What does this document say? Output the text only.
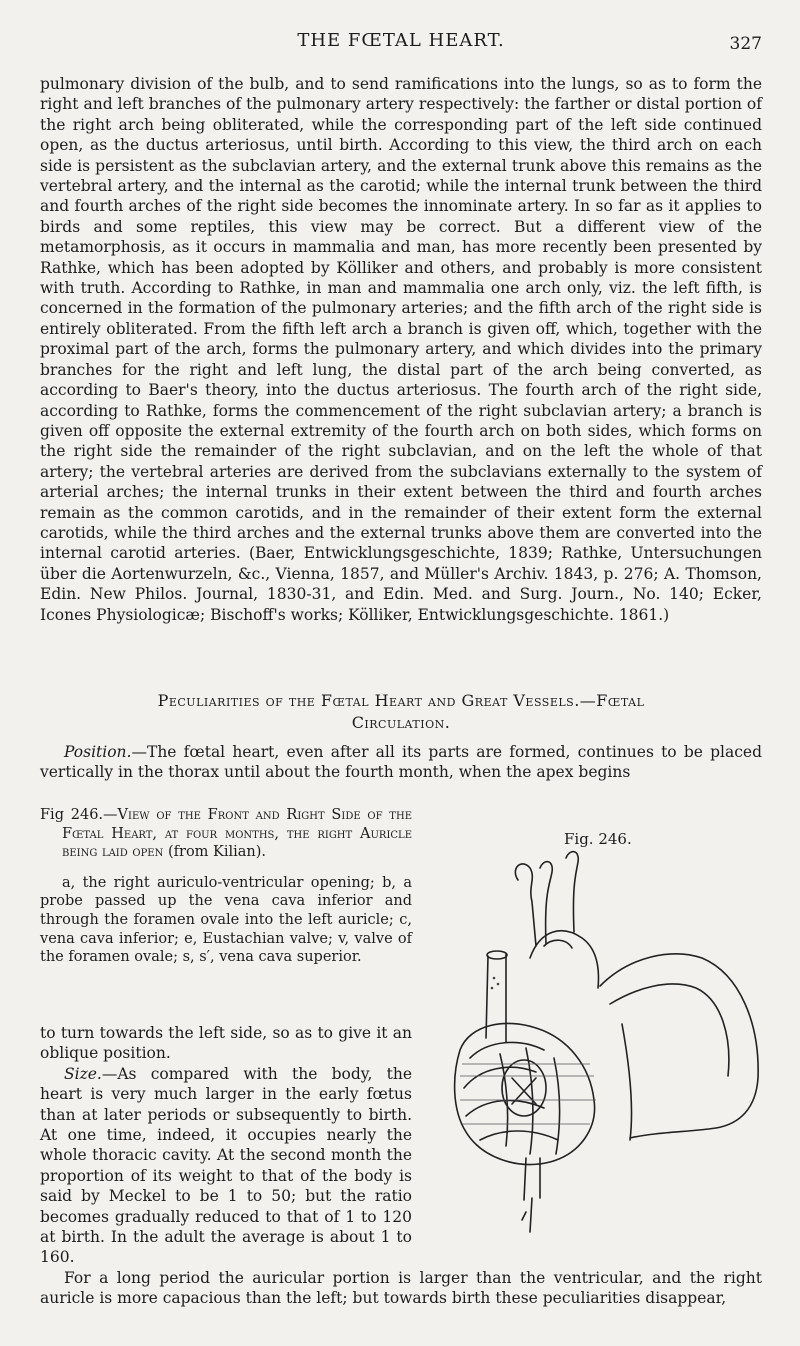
THE FŒTAL HEART.	327
pulmonary division of the bulb, and to send ramifications into the lungs, so as to form the right and left branches of the pulmonary artery respectively: the farther or distal portion of the right arch being obliterated, while the corresponding part of the left side continued open, as the ductus arteriosus, until birth. According to this view, the third arch on each side is persistent as the subclavian artery, and the external trunk above this remains as the vertebral artery, and the internal as the carotid; while the internal trunk between the third and fourth arches of the right side becomes the innominate artery. In so far as it applies to birds and some reptiles, this view may be correct. But a different view of the metamorphosis, as it occurs in mammalia and man, has more recently been presented by Rathke, which has been adopted by Kölliker and others, and probably is more consistent with truth. According to Rathke, in man and mammalia one arch only, viz. the left fifth, is concerned in the formation of the pulmonary arteries; and the fifth arch of the right side is entirely obliterated. From the fifth left arch a branch is given off, which, together with the proximal part of the arch, forms the pulmonary artery, and which divides into the primary branches for the right and left lung, the distal part of the arch being converted, as according to Baer's theory, into the ductus arteriosus. The fourth arch of the right side, according to Rathke, forms the commencement of the right subclavian artery; a branch is given off opposite the external extremity of the fourth arch on both sides, which forms on the right side the remainder of the right subclavian, and on the left the whole of that artery; the vertebral arteries are derived from the subclavians externally to the system of arterial arches; the internal trunks in their extent between the third and fourth arches remain as the common carotids, and in the remainder of their extent form the external carotids, while the third arches and the external trunks above them are converted into the internal carotid arteries. (Baer, Entwicklungsgeschichte, 1839; Rathke, Untersuchungen über die Aortenwurzeln, &c., Vienna, 1857, and Müller's Archiv. 1843, p. 276; A. Thomson, Edin. New Philos. Journal, 1830-31, and Edin. Med. and Surg. Journ., No. 140; Ecker, Icones Physiologicæ; Bischoff's works; Kölliker, Entwicklungsgeschichte. 1861.)
Peculiarities of the Fœtal Heart and Great Vessels.—Fœtal
Circulation.
Position.—The fœtal heart, even after all its parts are formed, continues to be placed vertically in the thorax until about the fourth month, when the apex begins
Fig 246.—View of the Front and Right Side of the Fœtal Heart, at four months, the right Auricle being laid open (from Kilian).
a, the right auriculo-ventricular opening; b, a probe passed up the vena cava inferior and through the foramen ovale into the left auricle; c, vena cava inferior; e, Eustachian valve; v, valve of the foramen ovale; s, s′, vena cava superior.
Fig. 246.
to turn towards the left side, so as to give it an oblique position.
Size.—As compared with the body, the heart is very much larger in the early fœtus than at later periods or subsequently to birth. At one time, indeed, it occupies nearly the whole thoracic cavity. At the second month the proportion of its weight to that of the body is said by Meckel to be 1 to 50; but the ratio becomes gradually reduced to that of 1 to 120 at birth. In the adult the average is about 1 to 160.
For a long period the auricular portion is larger than the ventricular, and the right auricle is more capacious than the left; but towards birth these peculiarities disappear,
